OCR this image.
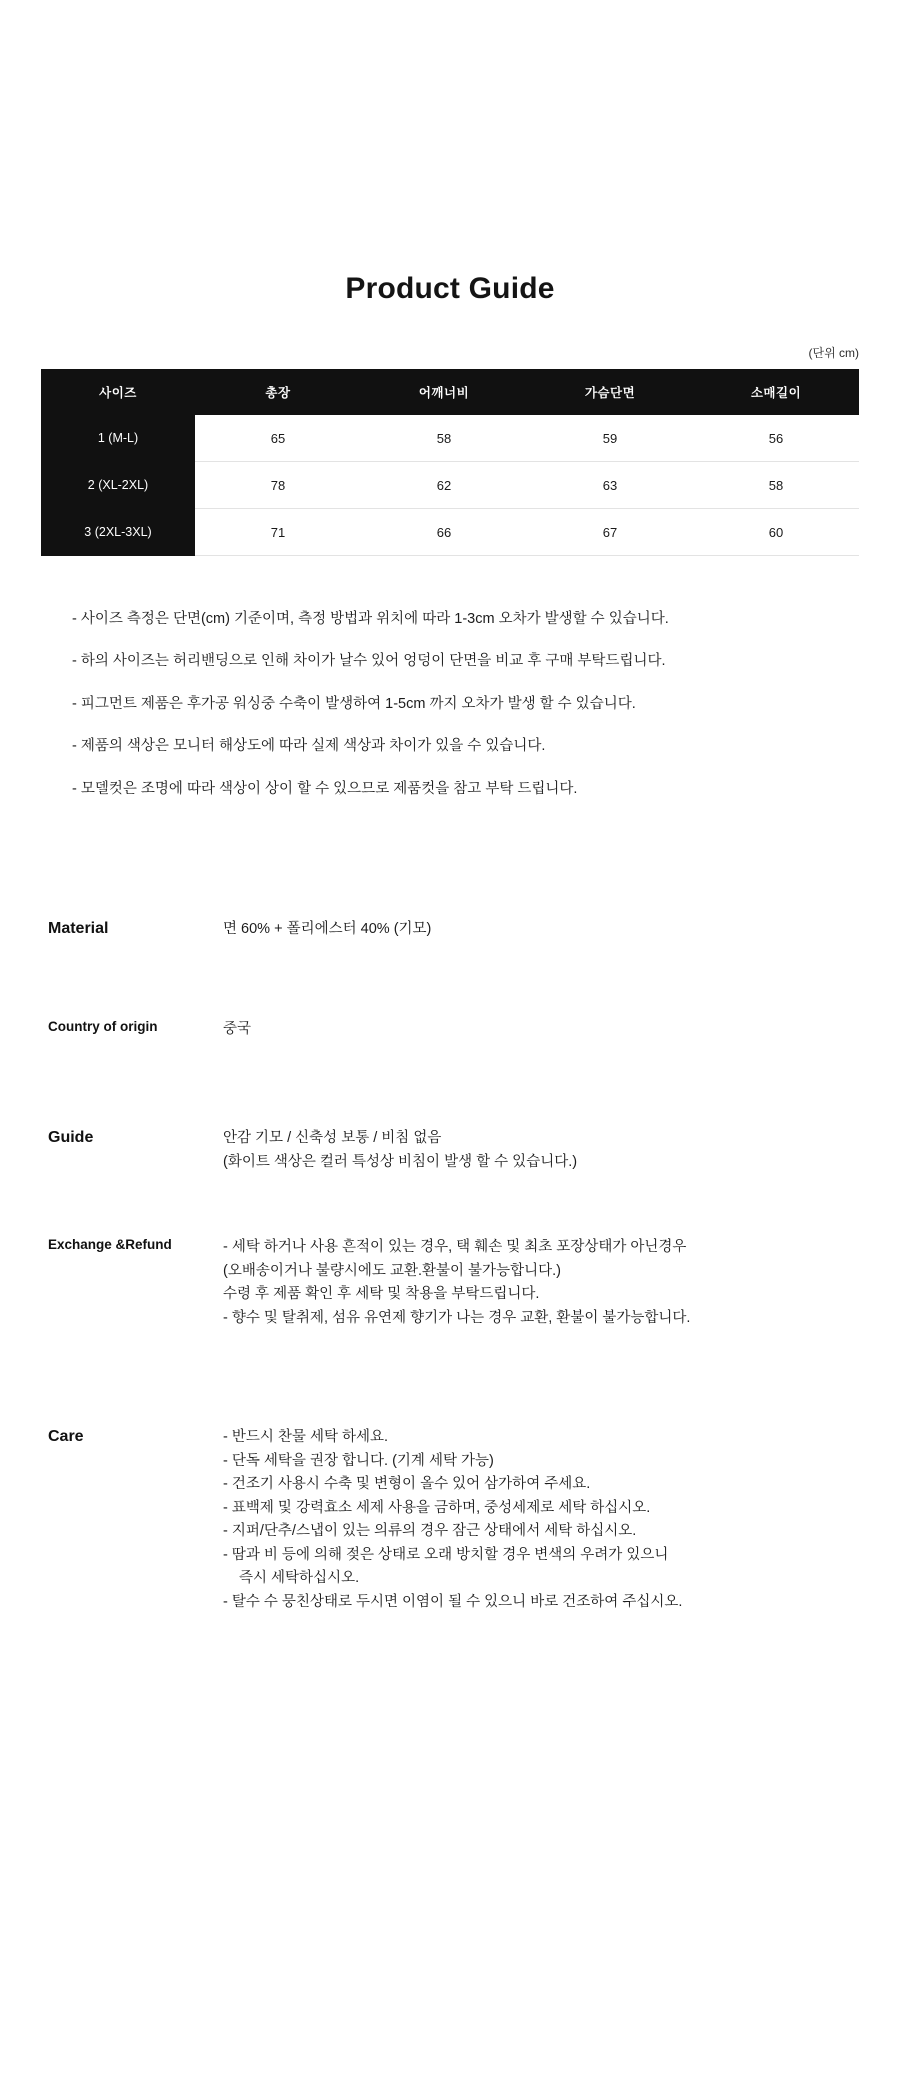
Product Guide
(단위 cm)
사이즈	총장	어깨너비	가슴단면	소매길이
1 (M-L)	65	58	59	56
2 (XL-2XL)	78	62	63	58
3 (2XL-3XL)	71	66	67	60
- 사이즈 측정은 단면(cm) 기준이며, 측정 방법과 위치에 따라 1-3cm 오차가 발생할 수 있습니다.
- 하의 사이즈는 허리밴딩으로 인해 차이가 날수 있어 엉덩이 단면을 비교 후 구매 부탁드립니다.
- 피그먼트 제품은 후가공 워싱중 수축이 발생하여 1-5cm 까지 오차가 발생 할 수 있습니다.
- 제품의 색상은 모니터 해상도에 따라 실제 색상과 차이가 있을 수 있습니다.
- 모델컷은 조명에 따라 색상이 상이 할 수 있으므로 제품컷을 참고 부탁 드립니다.
Material	면 60% + 폴리에스터 40% (기모)
Country of origin	중국
Guide	안감 기모 / 신축성 보통 / 비침 없음
(화이트 색상은 컬러 특성상 비침이 발생 할 수 있습니다.)
Exchange &Refund	- 세탁 하거나 사용 흔적이 있는 경우, 택 훼손 및 최초 포장상태가 아닌경우
(오배송이거나 불량시에도 교환.환불이 불가능합니다.)
수령 후 제품 확인 후 세탁 및 착용을 부탁드립니다.
- 향수 및 탈취제, 섬유 유연제 향기가 나는 경우 교환, 환불이 불가능합니다.
Care	- 반드시 찬물 세탁 하세요.
- 단독 세탁을 권장 합니다. (기계 세탁 가능)
- 건조기 사용시 수축 및 변형이 올수 있어 삼가하여 주세요.
- 표백제 및 강력효소 세제 사용을 금하며, 중성세제로 세탁 하십시오.
- 지퍼/단추/스냅이 있는 의류의 경우 잠근 상태에서 세탁 하십시오.
- 땀과 비 등에 의해 젖은 상태로 오래 방치할 경우 변색의 우려가 있으니
즉시 세탁하십시오.
- 탈수 수 뭉친상태로 두시면 이염이 될 수 있으니 바로 건조하여 주십시오.
